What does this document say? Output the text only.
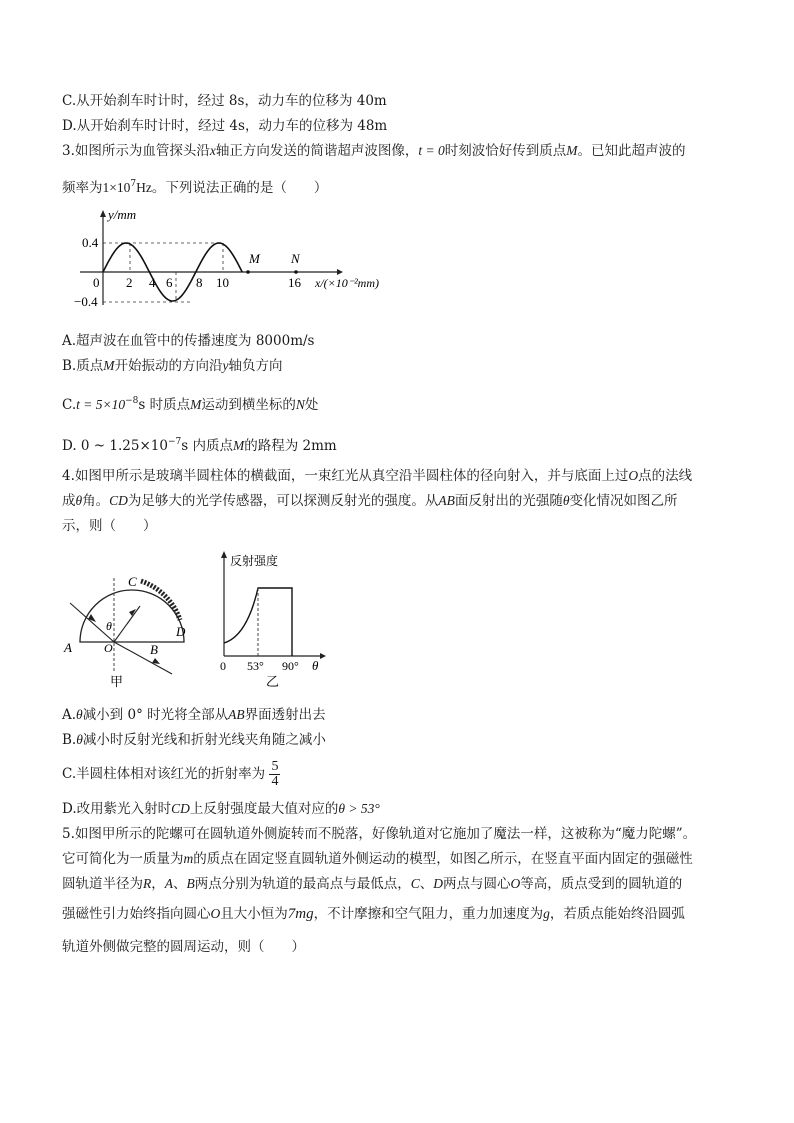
C.从开始刹车时计时，经过 8s，动力车的位移为 40m
D.从开始刹车时计时，经过 4s，动力车的位移为 48m
3.如图所示为血管探头沿x轴正方向发送的简谐超声波图像，t = 0时刻波恰好传到质点M。已知此超声波的
频率为$1\times 10^7Hz$。下列说法正确的是（　　）
y/mm
x/(×10⁻²mm)
0.4
−0.4
0 2 4 6 8 10	16
M N
A.超声波在血管中的传播速度为 8000m/s
B.质点M开始振动的方向沿y轴负方向
$C.t = 5\times 10^{-8}s$ 时质点M运动到横坐标的N处
D. 0 ~ $1.25\times 10^{-7}s$ 内质点M的路程为 2mm
4.如图甲所示是玻璃半圆柱体的横截面，一束红光从真空沿半圆柱体的径向射入，并与底面上过O点的法线
成θ角。CD为足够大的光学传感器，可以探测反射光的强度。从AB面反射出的光强随θ变化情况如图乙所
示，则（　　）
A	B
C
D
O
θ
甲
反射强度
0 53° 90° θ
乙
A.θ减小到 0° 时光将全部从AB界面透射出去
B.θ减小时反射光线和折射光线夹角随之减小
C.半圆柱体相对该红光的折射率为 $\frac{5}{4}$
D.改用紫光入射时CD上反射强度最大值对应的θ > 53°
5.如图甲所示的陀螺可在圆轨道外侧旋转而不脱落，好像轨道对它施加了魔法一样，这被称为“魔力陀螺”。
它可简化为一质量为m的质点在固定竖直圆轨道外侧运动的模型，如图乙所示，在竖直平面内固定的强磁性
圆轨道半径为R，A、B两点分别为轨道的最高点与最低点，C、D两点与圆心O等高，质点受到的圆轨道的
强磁性引力始终指向圆心O且大小恒为7mg，不计摩擦和空气阻力，重力加速度为g，若质点能始终沿圆弧
轨道外侧做完整的圆周运动，则（　　）
